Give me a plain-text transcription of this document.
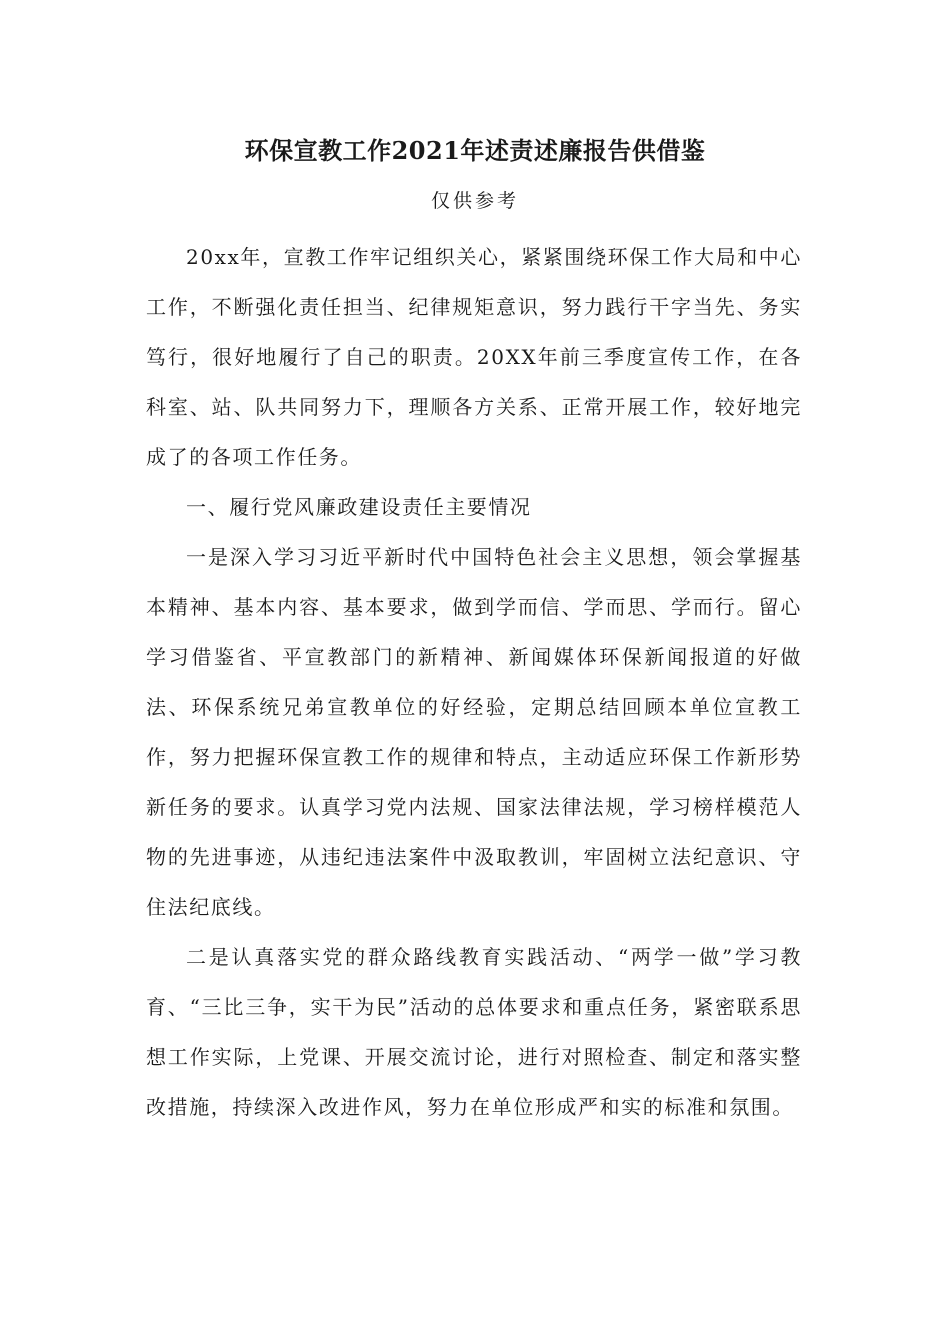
环保宣教工作2021年述责述廉报告供借鉴
仅供参考

20xx年，宣教工作牢记组织关心，紧紧围绕环保工作大局和中心工作，不断强化责任担当、纪律规矩意识，努力践行干字当先、务实笃行，很好地履行了自己的职责。20XX年前三季度宣传工作，在各科室、站、队共同努力下，理顺各方关系、正常开展工作，较好地完成了的各项工作任务。

一、履行党风廉政建设责任主要情况

一是深入学习习近平新时代中国特色社会主义思想，领会掌握基本精神、基本内容、基本要求，做到学而信、学而思、学而行。留心学习借鉴省、平宣教部门的新精神、新闻媒体环保新闻报道的好做法、环保系统兄弟宣教单位的好经验，定期总结回顾本单位宣教工作，努力把握环保宣教工作的规律和特点，主动适应环保工作新形势新任务的要求。认真学习党内法规、国家法律法规，学习榜样模范人物的先进事迹，从违纪违法案件中汲取教训，牢固树立法纪意识、守住法纪底线。

二是认真落实党的群众路线教育实践活动、“两学一做”学习教育、“三比三争，实干为民”活动的总体要求和重点任务，紧密联系思想工作实际，上党课、开展交流讨论，进行对照检查、制定和落实整改措施，持续深入改进作风，努力在单位形成严和实的标准和氛围。
